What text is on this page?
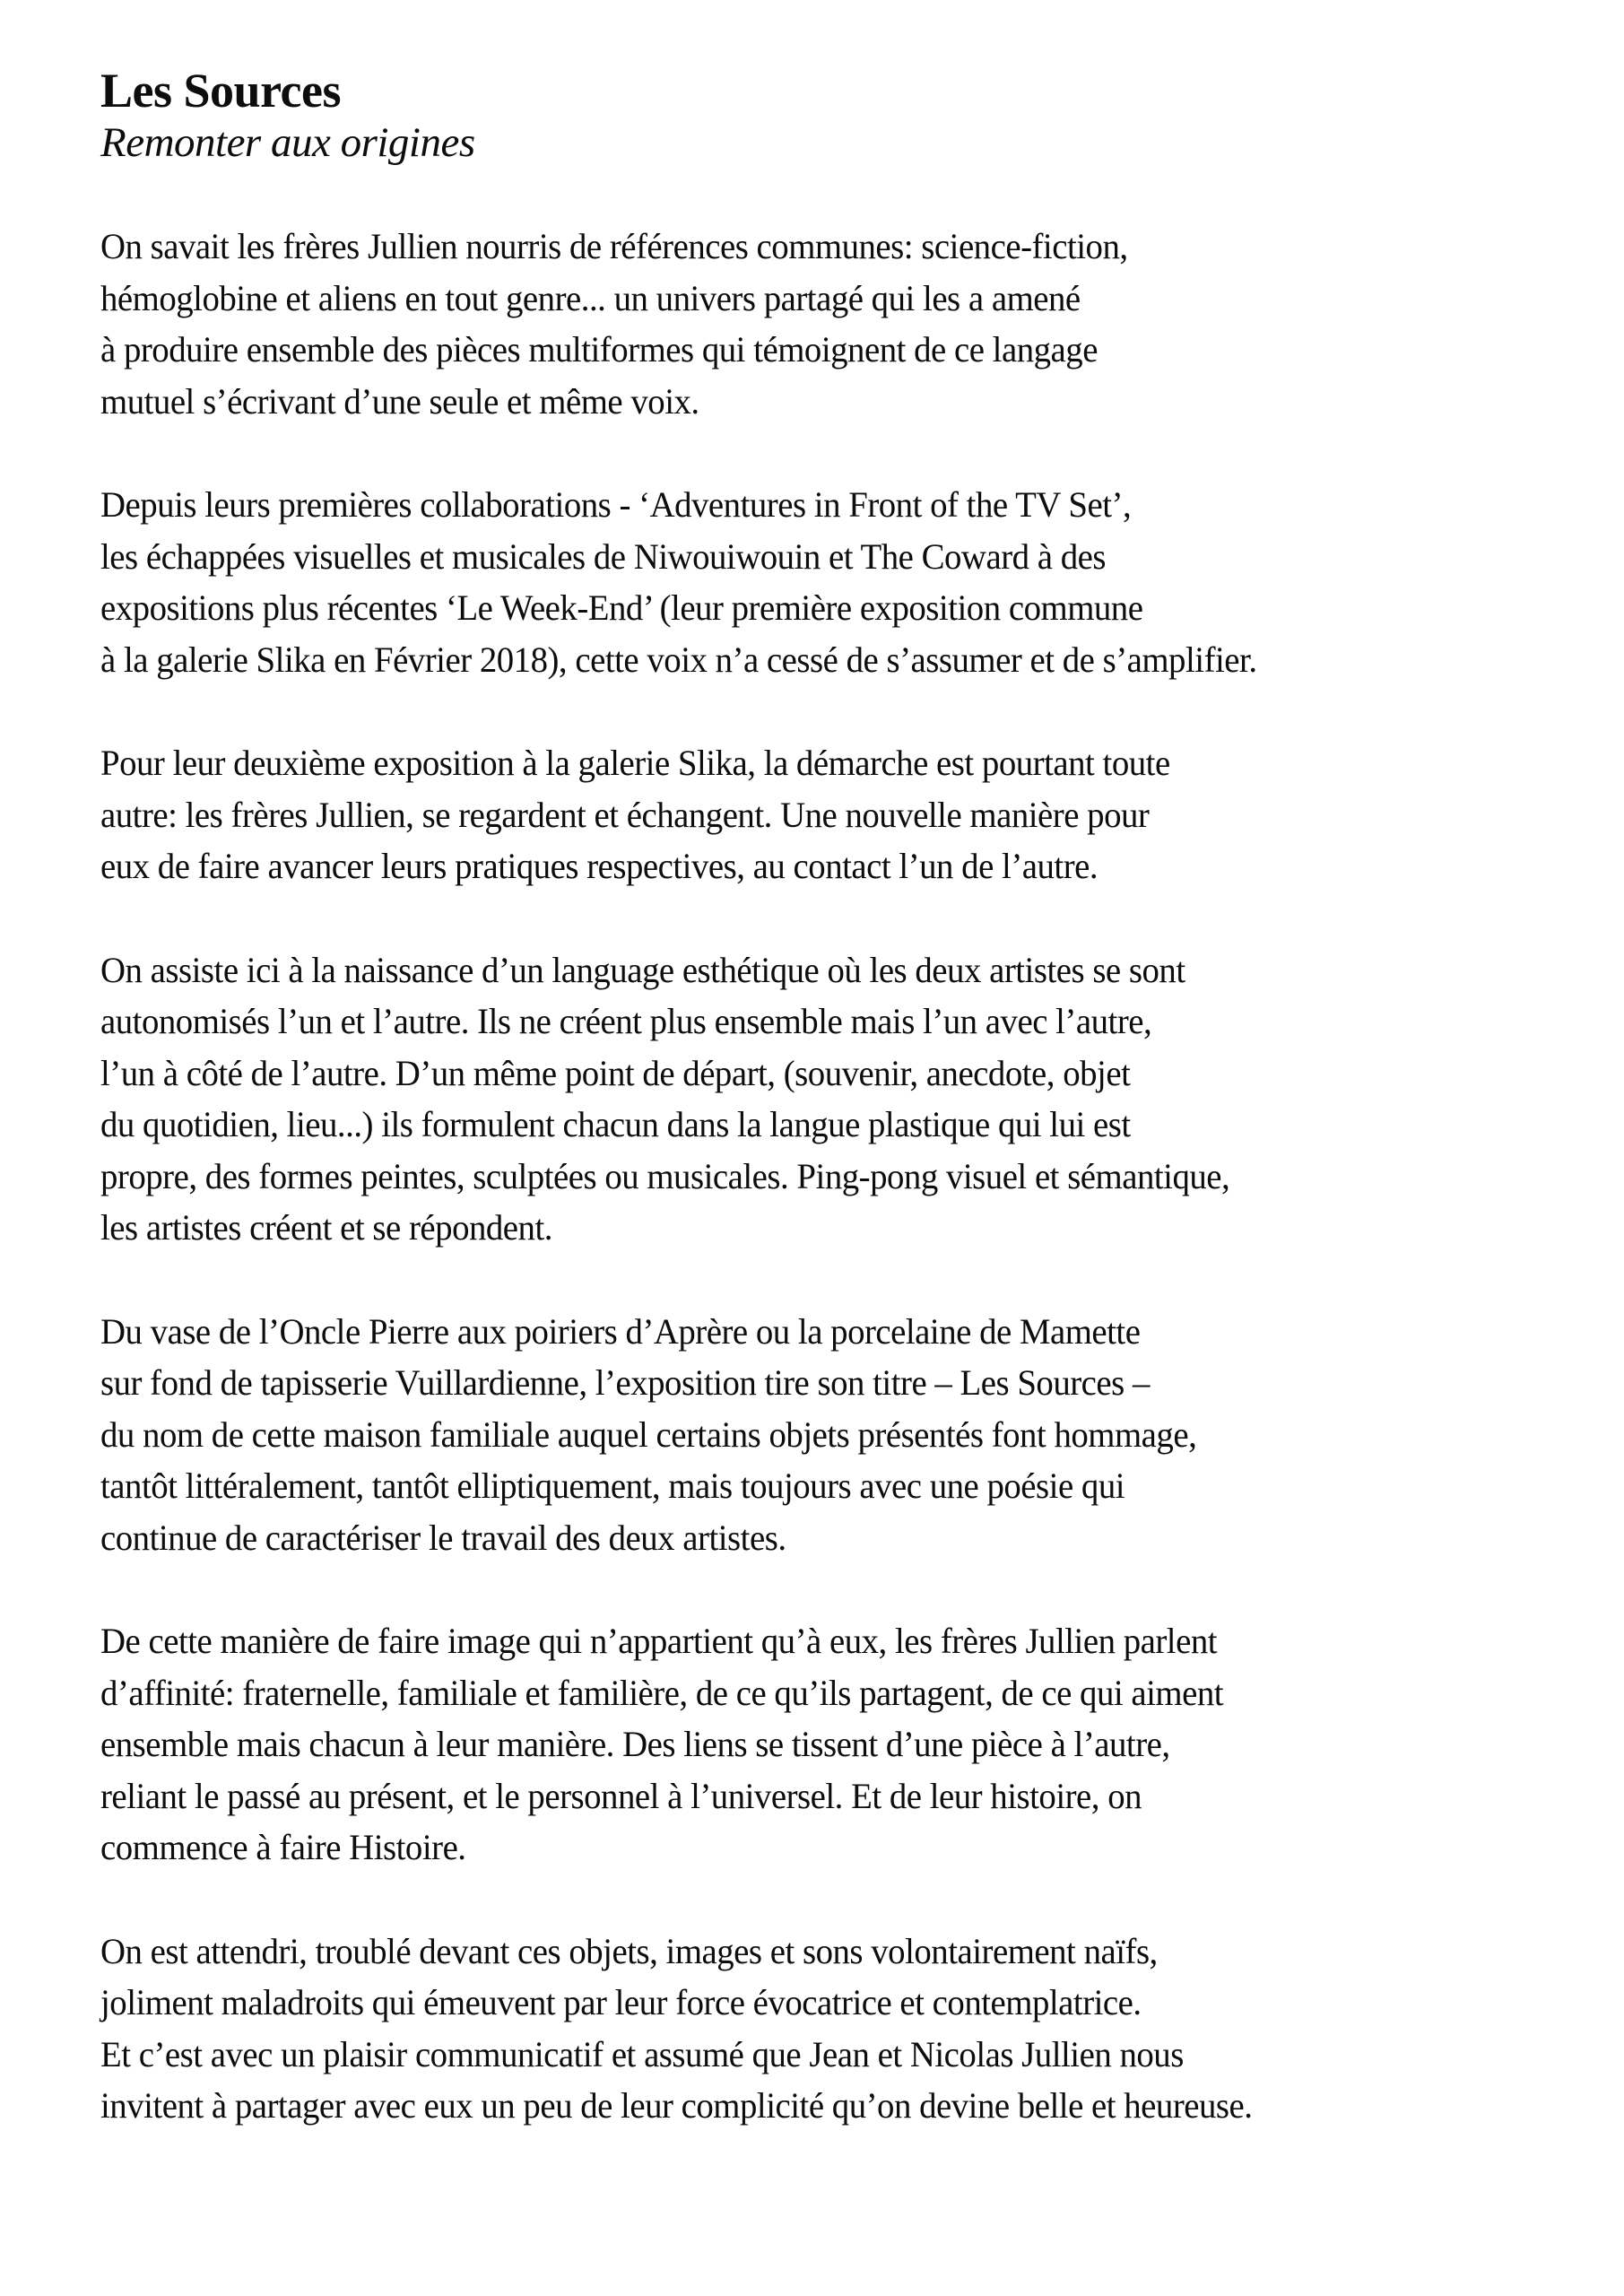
Les Sources
Remonter aux origines

On savait les frères Jullien nourris de références communes: science-fiction,
hémoglobine et aliens en tout genre... un univers partagé qui les a amené
à produire ensemble des pièces multiformes qui témoignent de ce langage
mutuel s’écrivant d’une seule et même voix.

Depuis leurs premières collaborations - ‘Adventures in Front of the TV Set’,
les échappées visuelles et musicales de Niwouiwouin et The Coward à des
expositions plus récentes ‘Le Week-End’ (leur première exposition commune
à la galerie Slika en Février 2018), cette voix n’a cessé de s’assumer et de s’amplifier.

Pour leur deuxième exposition à la galerie Slika, la démarche est pourtant toute
autre: les frères Jullien, se regardent et échangent. Une nouvelle manière pour
eux de faire avancer leurs pratiques respectives, au contact l’un de l’autre.

On assiste ici à la naissance d’un language esthétique où les deux artistes se sont
autonomisés l’un et l’autre. Ils ne créent plus ensemble mais l’un avec l’autre,
l’un à côté de l’autre. D’un même point de départ, (souvenir, anecdote, objet
du quotidien, lieu...) ils formulent chacun dans la langue plastique qui lui est
propre, des formes peintes, sculptées ou musicales. Ping-pong visuel et sémantique,
les artistes créent et se répondent.

Du vase de l’Oncle Pierre aux poiriers d’Aprère ou la porcelaine de Mamette
sur fond de tapisserie Vuillardienne, l’exposition tire son titre – Les Sources –
du nom de cette maison familiale auquel certains objets présentés font hommage,
tantôt littéralement, tantôt elliptiquement, mais toujours avec une poésie qui
continue de caractériser le travail des deux artistes.

De cette manière de faire image qui n’appartient qu’à eux, les frères Jullien parlent
d’affinité: fraternelle, familiale et familière, de ce qu’ils partagent, de ce qui aiment
ensemble mais chacun à leur manière. Des liens se tissent d’une pièce à l’autre,
reliant le passé au présent, et le personnel à l’universel. Et de leur histoire, on
commence à faire Histoire.

On est attendri, troublé devant ces objets, images et sons volontairement naïfs,
joliment maladroits qui émeuvent par leur force évocatrice et contemplatrice.
Et c’est avec un plaisir communicatif et assumé que Jean et Nicolas Jullien nous
invitent à partager avec eux un peu de leur complicité qu’on devine belle et heureuse.
